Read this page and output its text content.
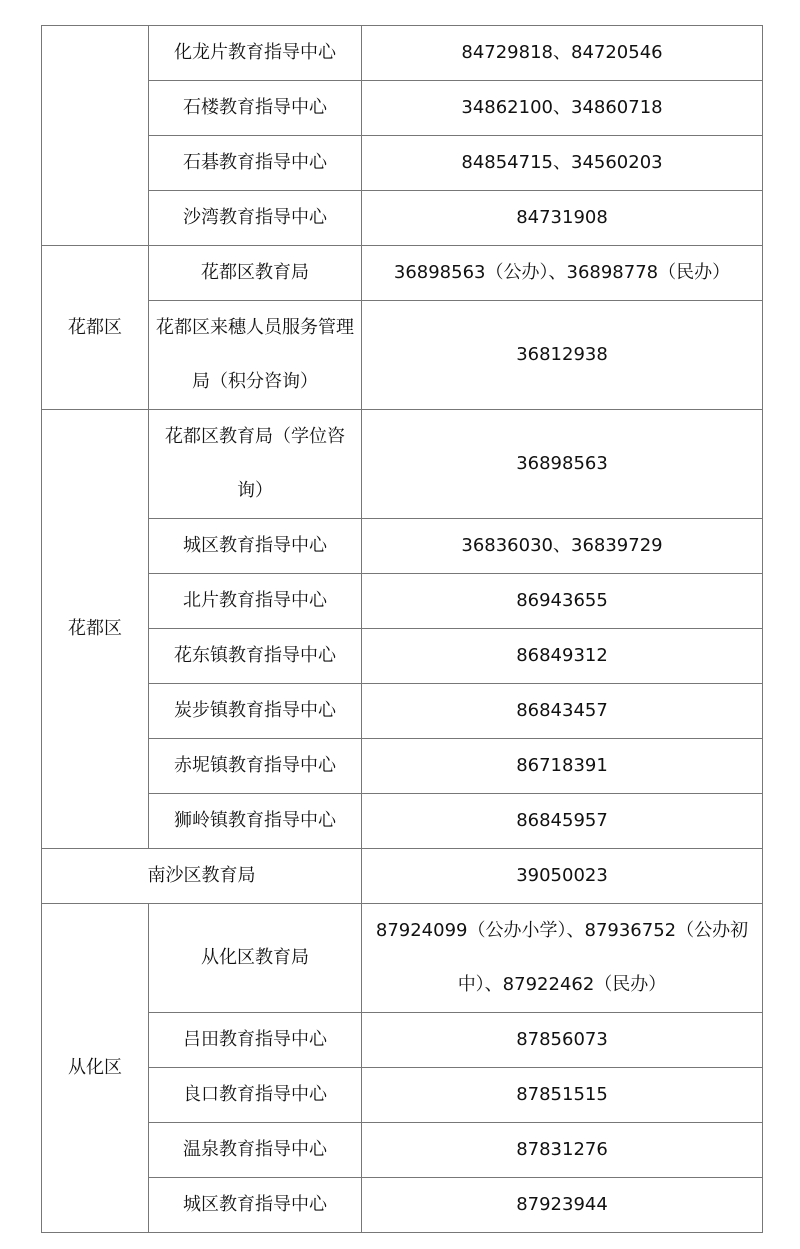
	化龙片教育指导中心	84729818、84720546
	石楼教育指导中心	34862100、34860718
	石碁教育指导中心	84854715、34560203
	沙湾教育指导中心	84731908
花都区	花都区教育局	36898563（公办）、36898778（民办）
	花都区来穗人员服务管理局（积分咨询）	36812938
花都区	花都区教育局（学位咨询）	36898563
	城区教育指导中心	36836030、36839729
	北片教育指导中心	86943655
	花东镇教育指导中心	86849312
	炭步镇教育指导中心	86843457
	赤坭镇教育指导中心	86718391
	狮岭镇教育指导中心	86845957
南沙区教育局		39050023
从化区	从化区教育局	87924099（公办小学）、87936752（公办初中）、87922462（民办）
	吕田教育指导中心	87856073
	良口教育指导中心	87851515
	温泉教育指导中心	87831276
	城区教育指导中心	87923944
